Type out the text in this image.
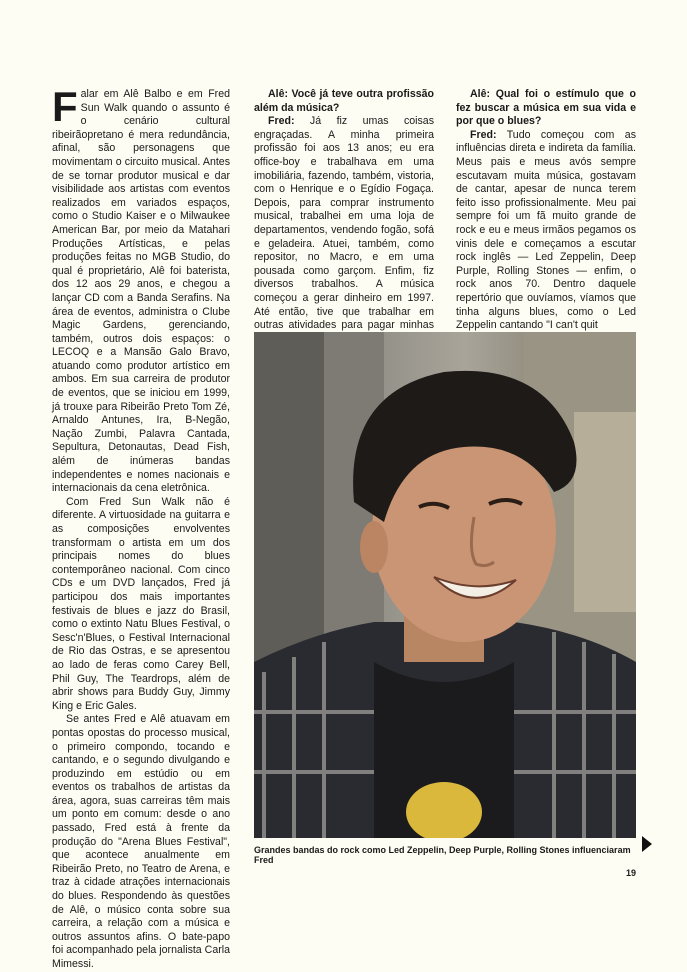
F alar em Alê Balbo e em Fred Sun Walk quando o assunto é o cenário cultural ribeirãopretano é mera redundância, afinal, são personagens que movimentam o circuito musical. Antes de se tornar produtor musical e dar visibilidade aos artistas com eventos realizados em variados espaços, como o Studio Kaiser e o Milwaukee American Bar, por meio da Matahari Produções Artísticas, e pelas produções feitas no MGB Studio, do qual é proprietário, Alê foi baterista, dos 12 aos 29 anos, e chegou a lançar CD com a Banda Serafins. Na área de eventos, administra o Clube Magic Gardens, gerenciando, também, outros dois espaços: o LECOQ e a Mansão Galo Bravo, atuando como produtor artístico em ambos. Em sua carreira de produtor de eventos, que se iniciou em 1999, já trouxe para Ribeirão Preto Tom Zé, Arnaldo Antunes, Ira, B-Negão, Nação Zumbi, Palavra Cantada, Sepultura, Detonautas, Dead Fish, além de inúmeras bandas independentes e nomes nacionais e internacionais da cena eletrônica.

Com Fred Sun Walk não é diferente. A virtuosidade na guitarra e as composições envolventes transformam o artista em um dos principais nomes do blues contemporâneo nacional. Com cinco CDs e um DVD lançados, Fred já participou dos mais importantes festivais de blues e jazz do Brasil, como o extinto Natu Blues Festival, o Sesc'n'Blues, o Festival Internacional de Rio das Ostras, e se apresentou ao lado de feras como Carey Bell, Phil Guy, The Teardrops, além de abrir shows para Buddy Guy, Jimmy King e Eric Gales.

Se antes Fred e Alê atuavam em pontas opostas do processo musical, o primeiro compondo, tocando e cantando, e o segundo divulgando e produzindo em estúdio ou em eventos os trabalhos de artistas da área, agora, suas carreiras têm mais um ponto em comum: desde o ano passado, Fred está à frente da produção do "Arena Blues Festival", que acontece anualmente em Ribeirão Preto, no Teatro de Arena, e traz à cidade atrações internacionais do blues. Respondendo às questões de Alê, o músico conta sobre sua carreira, a relação com a música e outros assuntos afins. O bate-papo foi acompanhado pela jornalista Carla Mimessi.

Alê: Você já teve outra profissão além da música?

Fred: Já fiz umas coisas engraçadas. A minha primeira profissão foi aos 13 anos; eu era office-boy e trabalhava em uma imobiliária, fazendo, também, vistoria, com o Henrique e o Egídio Fogaça. Depois, para comprar instrumento musical, trabalhei em uma loja de departamentos, vendendo fogão, sofá e geladeira. Atuei, também, como repositor, no Macro, e em uma pousada como garçom. Enfim, fiz diversos trabalhos. A música começou a gerar dinheiro em 1997. Até então, tive que trabalhar em outras atividades para pagar minhas

Alê: Qual foi o estímulo que o fez buscar a música em sua vida e por que o blues?

Fred: Tudo começou com as influências direta e indireta da família. Meus pais e meus avós sempre escutavam muita música, gostavam de cantar, apesar de nunca terem feito isso profissionalmente. Meu pai sempre foi um fã muito grande de rock e eu e meus irmãos pegamos os vinis dele e começamos a escutar rock inglês — Led Zeppelin, Deep Purple, Rolling Stones — enfim, o rock anos 70. Dentro daquele repertório que ouvíamos, víamos que tinha alguns blues, como o Led Zeppelin cantando "I can't quit

Grandes bandas do rock como Led Zeppelin, Deep Purple, Rolling Stones influenciaram Fred
19
